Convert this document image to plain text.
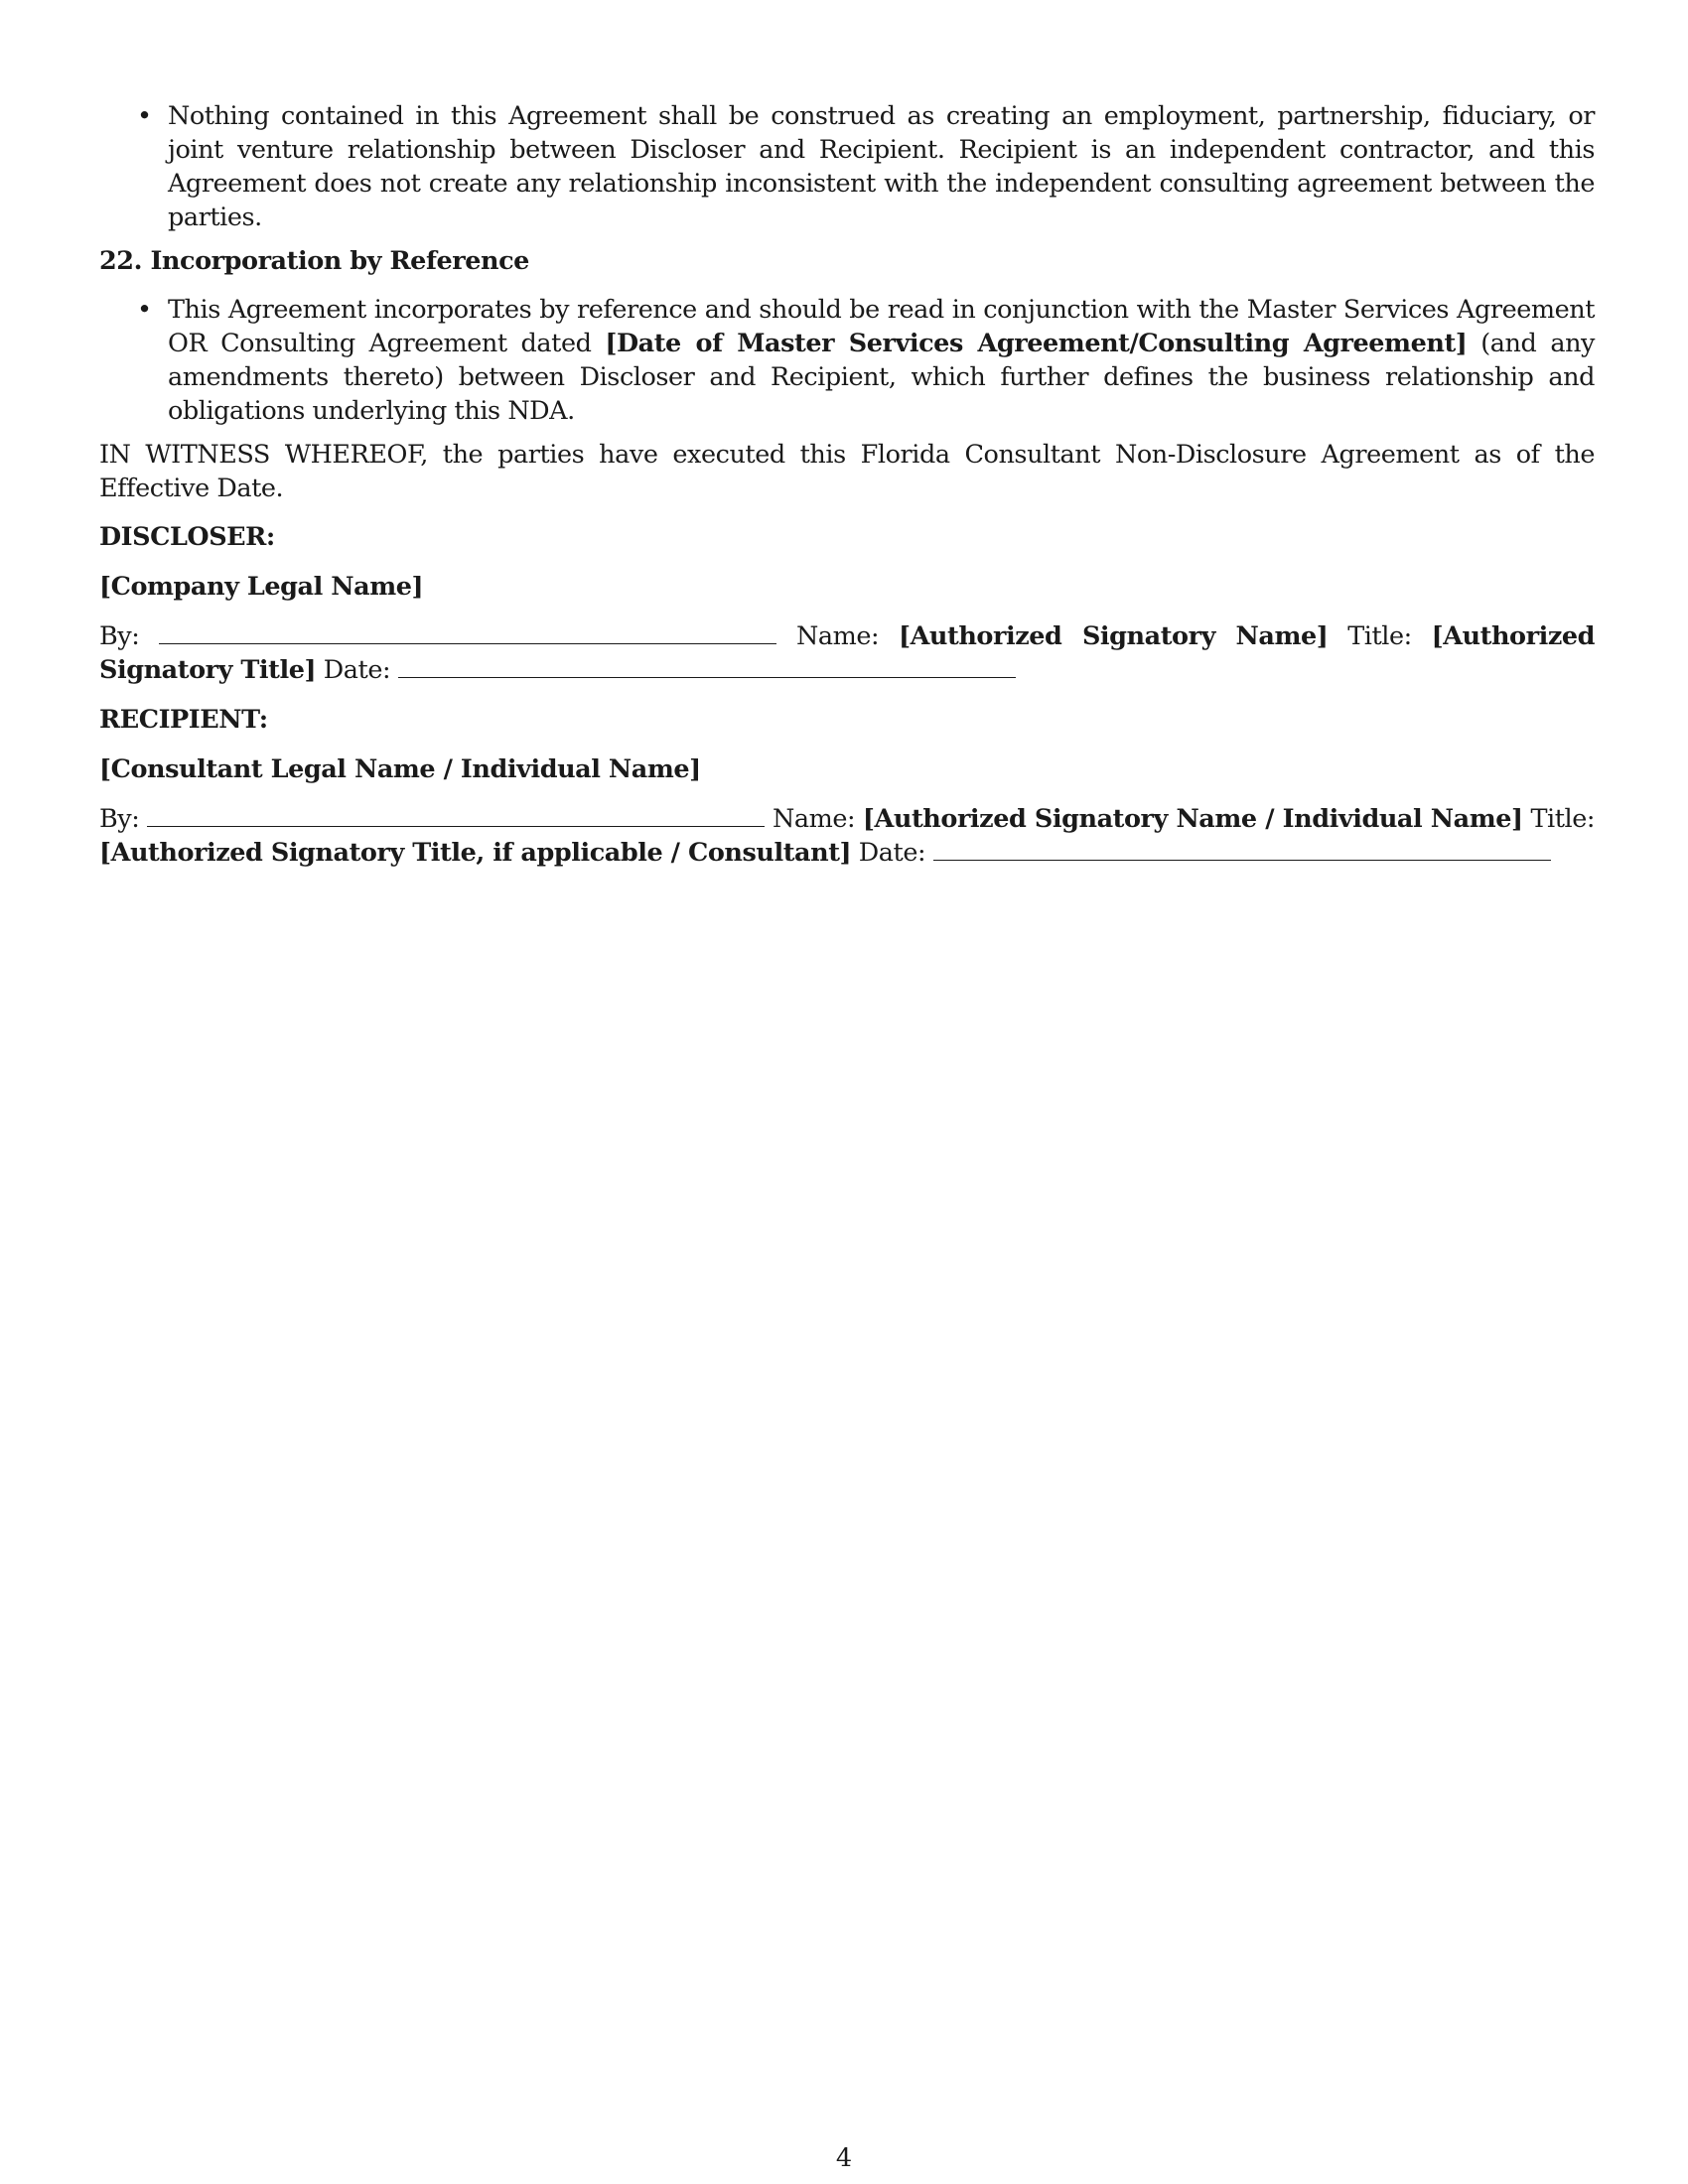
• Nothing contained in this Agreement shall be construed as creating an employment, partnership, fiduciary, or joint venture relationship between Discloser and Recipient. Recipient is an independent contractor, and this Agreement does not create any relationship inconsistent with the independent consulting agreement between the parties.

22. Incorporation by Reference

• This Agreement incorporates by reference and should be read in conjunction with the Master Services Agreement OR Consulting Agreement dated [Date of Master Services Agreement/Consulting Agreement] (and any amendments thereto) between Discloser and Recipient, which further defines the business relationship and obligations underlying this NDA.

IN WITNESS WHEREOF, the parties have executed this Florida Consultant Non-Disclosure Agreement as of the Effective Date.

DISCLOSER:

[Company Legal Name]

By:	Name: [Authorized Signatory Name] Title: [Authorized Signatory Title] Date:

RECIPIENT:

[Consultant Legal Name / Individual Name]

By:	Name: [Authorized Signatory Name / Individual Name] Title: [Authorized Signatory Title, if applicable / Consultant] Date:

4
